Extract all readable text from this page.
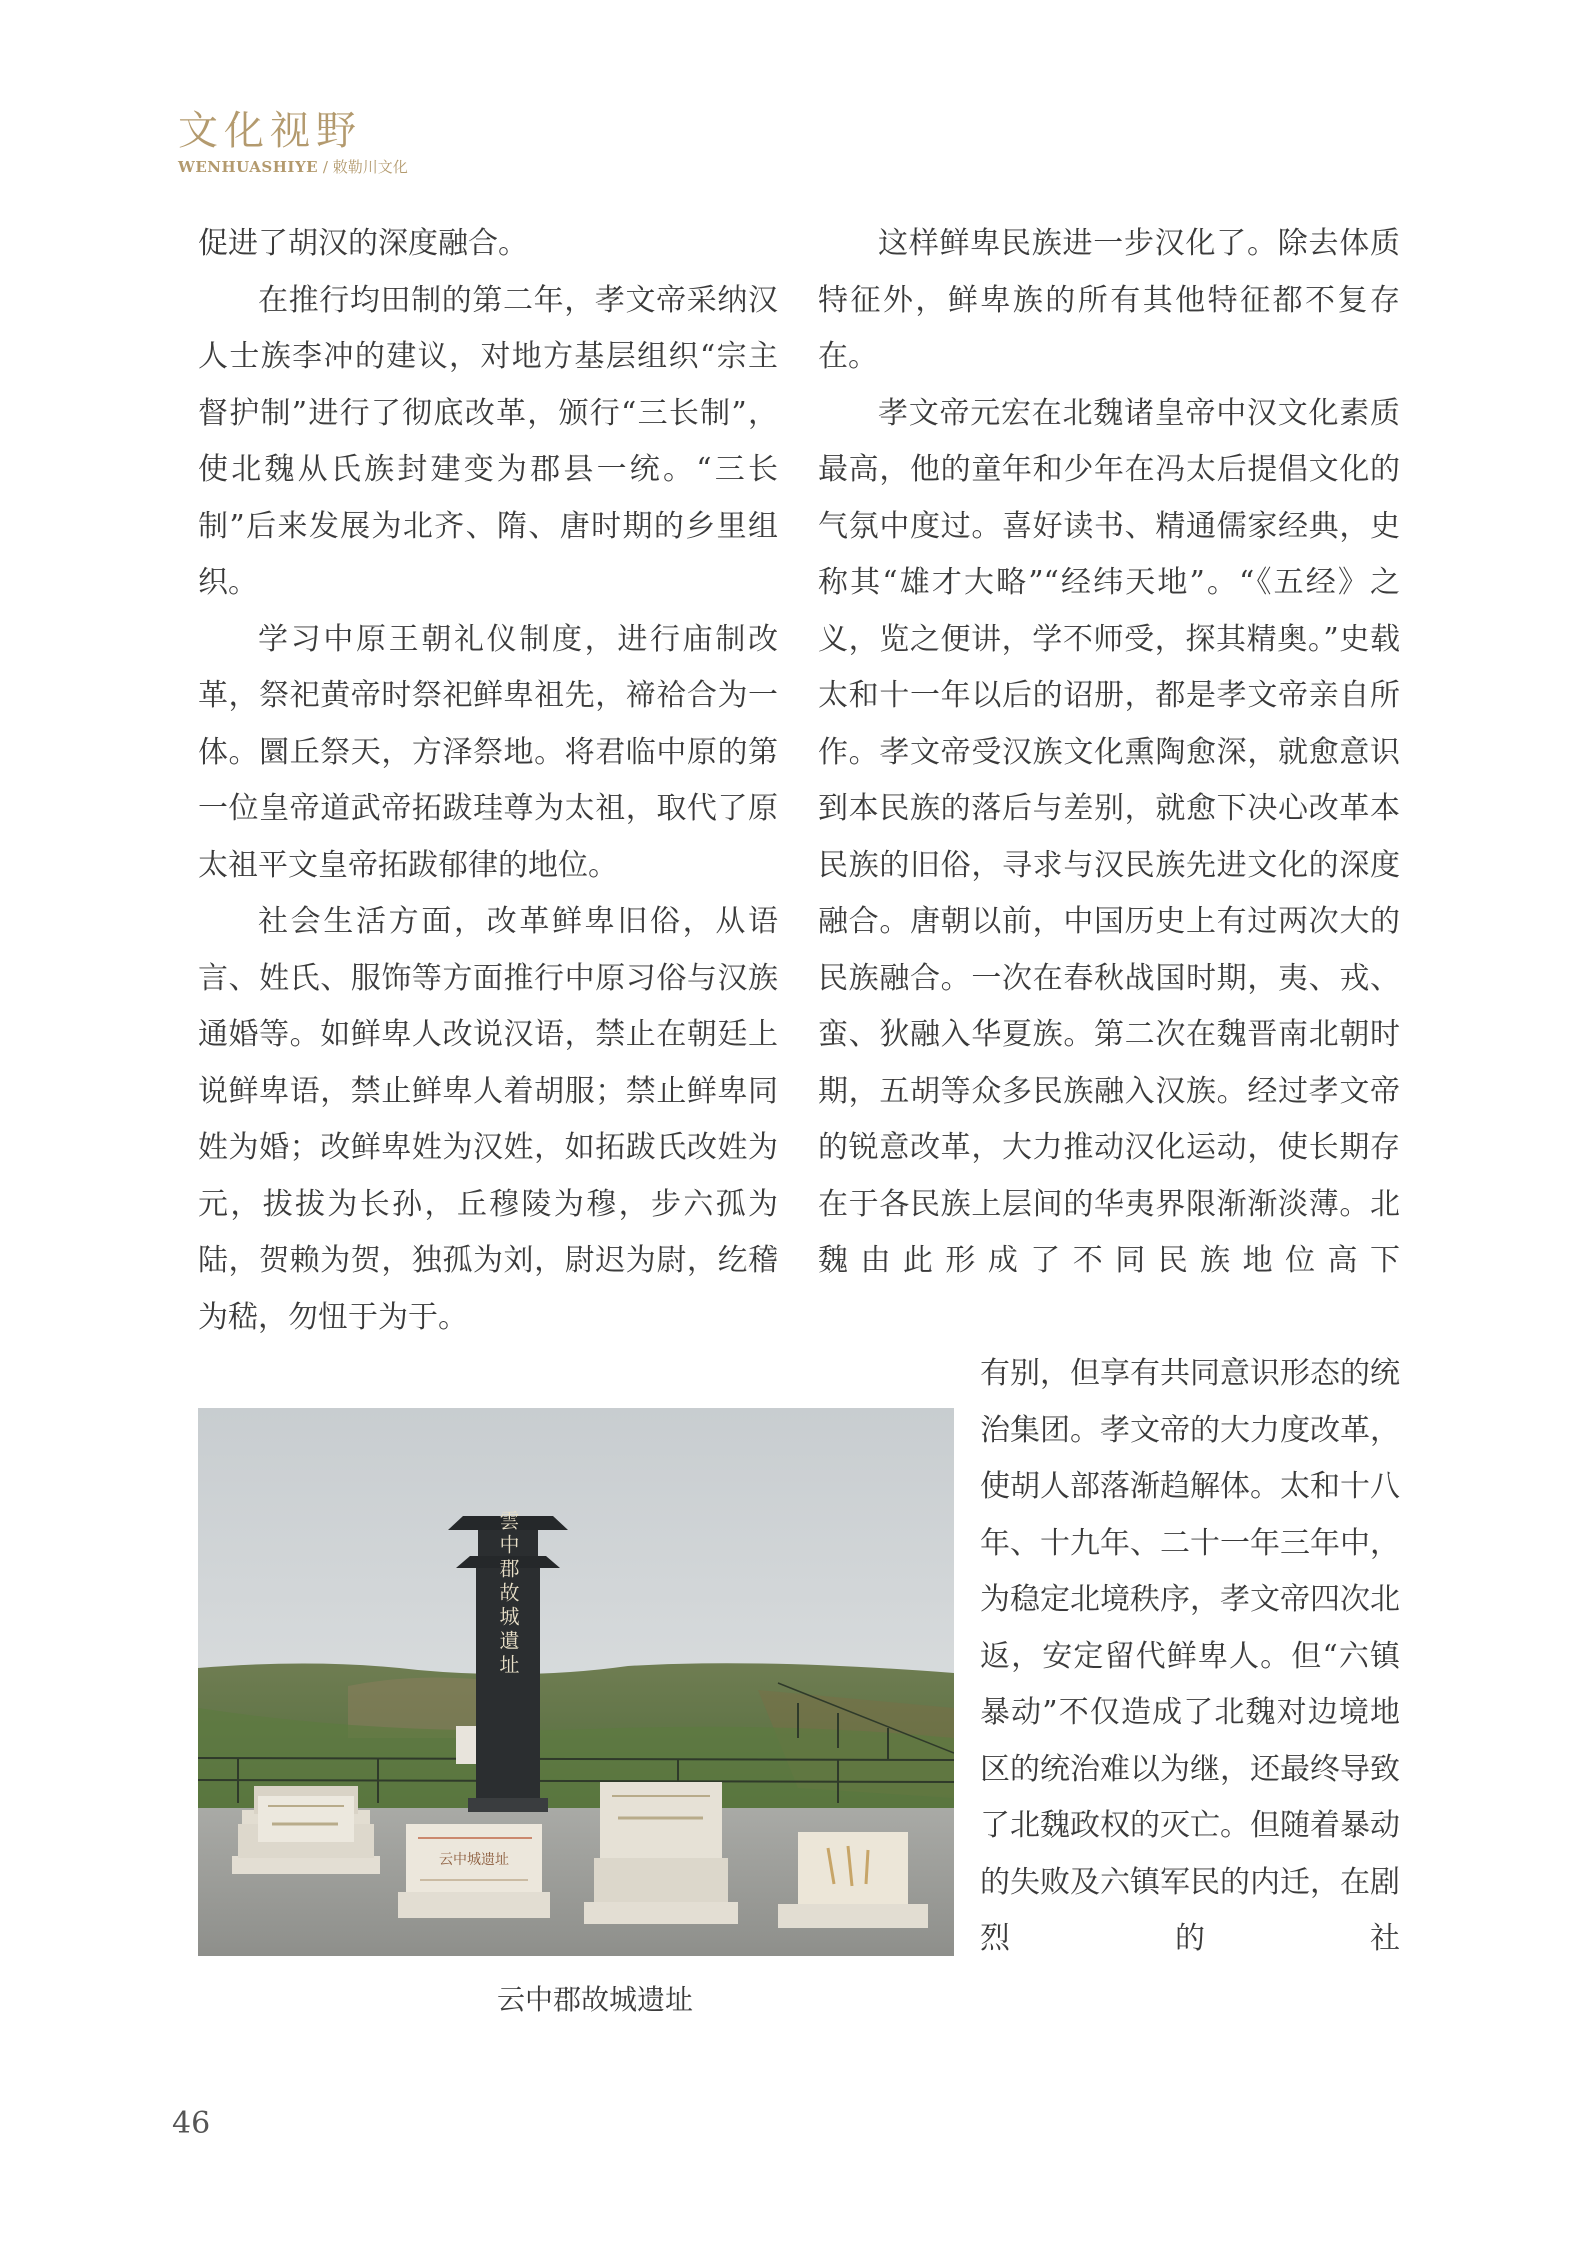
文化视野
WENHUASHIYE / 敕勒川文化

促进了胡汉的深度融合。

在推行均田制的第二年，孝文帝采纳汉人士族李冲的建议，对地方基层组织“宗主督护制”进行了彻底改革，颁行“三长制”，使北魏从氏族封建变为郡县一统。“三长制”后来发展为北齐、隋、唐时期的乡里组织。

学习中原王朝礼仪制度，进行庙制改革，祭祀黄帝时祭祀鲜卑祖先，禘祫合为一体。圜丘祭天，方泽祭地。将君临中原的第一位皇帝道武帝拓跋珪尊为太祖，取代了原太祖平文皇帝拓跋郁律的地位。

社会生活方面，改革鲜卑旧俗，从语言、姓氏、服饰等方面推行中原习俗与汉族通婚等。如鲜卑人改说汉语，禁止在朝廷上说鲜卑语，禁止鲜卑人着胡服；禁止鲜卑同姓为婚；改鲜卑姓为汉姓，如拓跋氏改姓为元，拔拔为长孙，丘穆陵为穆，步六孤为陆，贺赖为贺，独孤为刘，尉迟为尉，纥稽为嵇，勿忸于为于。

这样鲜卑民族进一步汉化了。除去体质特征外，鲜卑族的所有其他特征都不复存在。

孝文帝元宏在北魏诸皇帝中汉文化素质最高，他的童年和少年在冯太后提倡文化的气氛中度过。喜好读书、精通儒家经典，史称其“雄才大略”“经纬天地”。“《五经》之义，览之便讲，学不师受，探其精奥。”史载太和十一年以后的诏册，都是孝文帝亲自所作。孝文帝受汉族文化熏陶愈深，就愈意识到本民族的落后与差别，就愈下决心改革本民族的旧俗，寻求与汉民族先进文化的深度融合。唐朝以前，中国历史上有过两次大的民族融合。一次在春秋战国时期，夷、戎、蛮、狄融入华夏族。第二次在魏晋南北朝时期，五胡等众多民族融入汉族。经过孝文帝的锐意改革，大力推动汉化运动，使长期存在于各民族上层间的华夷界限渐渐淡薄。北魏由此形成了不同民族地位高下

有别，但享有共同意识形态的统治集团。孝文帝的大力度改革，使胡人部落渐趋解体。太和十八年、十九年、二十一年三年中，为稳定北境秩序，孝文帝四次北返，安定留代鲜卑人。但“六镇暴动”不仅造成了北魏对边境地区的统治难以为继，还最终导致了北魏政权的灭亡。但随着暴动的失败及六镇军民的内迁，在剧烈的社

雲中郡故城遺址
云中城遗址
云中郡故城遗址
46
